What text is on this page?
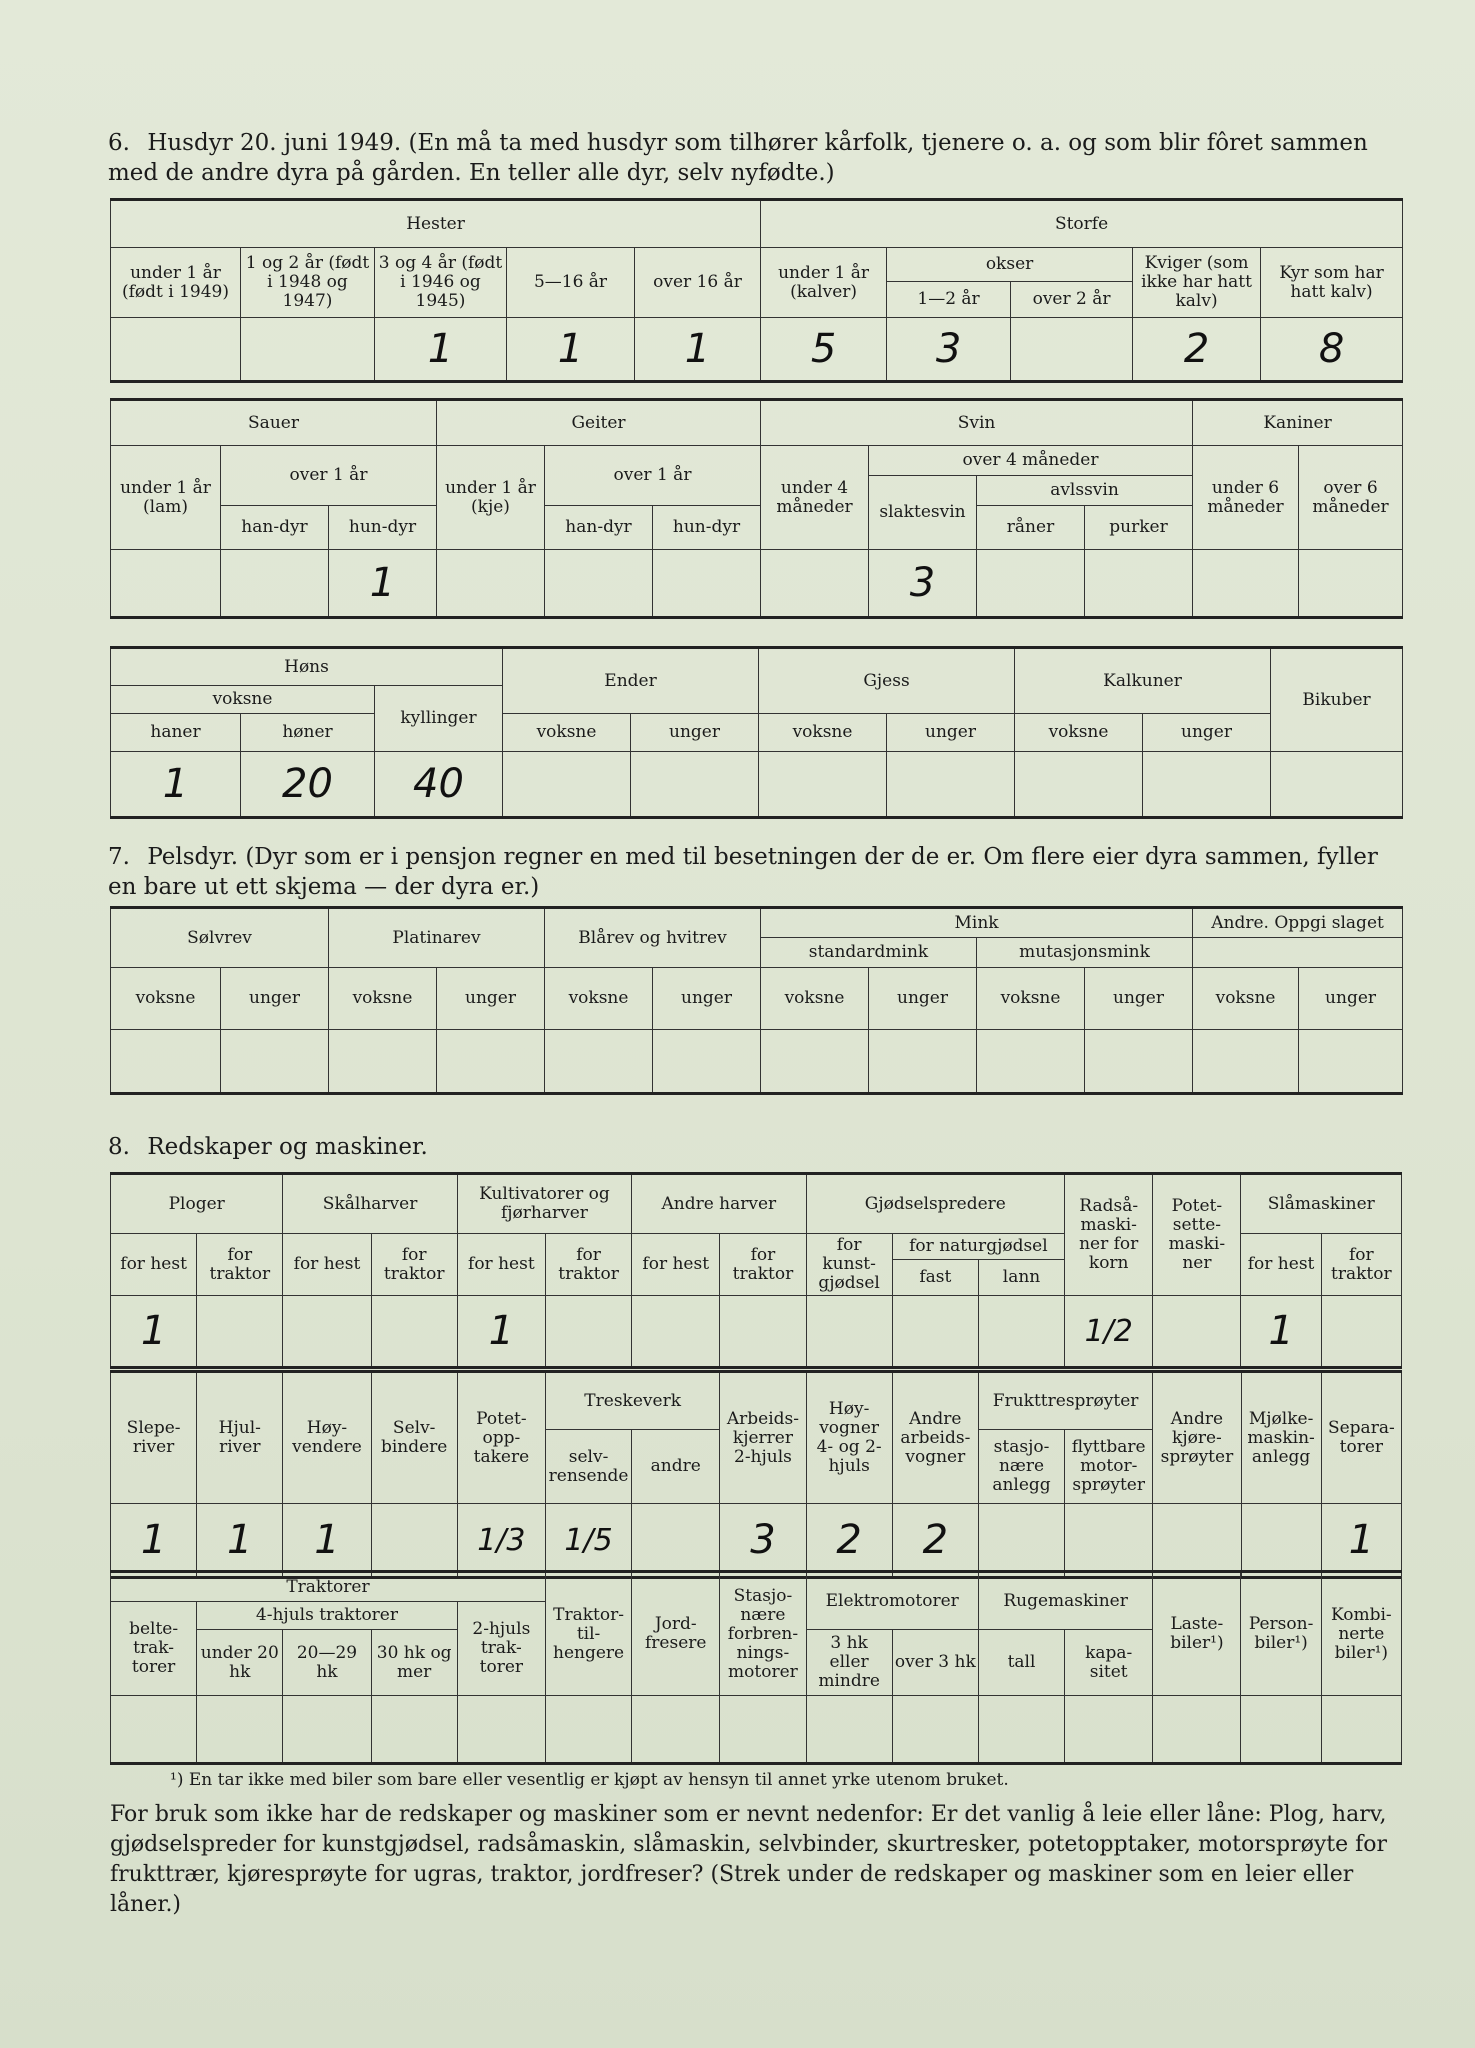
6. Husdyr 20. juni 1949. (En må ta med husdyr som tilhører kårfolk, tjenere o. a. og som blir fôret sammen med de andre dyra på gården. En teller alle dyr, selv nyfødte.)
Hester					Storfe				
under 1 år (født i 1949)	1 og 2 år (født i 1948 og 1947)	3 og 4 år (født i 1946 og 1945)	5—16 år	over 16 år	under 1 år (kalver)	okser		Kviger (som ikke har hatt kalv)	Kyr som har hatt kalv)
						1—2 år	over 2 år		
		1	1	1	5	3		2	8
Sauer			Geiter			Svin				Kaniner	
under 1 år (lam)	over 1 år		under 1 år (kje)	over 1 år		under 4 måneder	over 4 måneder			under 6 måneder	over 6 måneder
							slaktesvin	avlssvin			
	han-dyr	hun-dyr		han-dyr	hun-dyr			råner	purker		
		1					3				
Høns			Ender		Gjess		Kalkuner		Bikuber
voksne		kyllinger							
haner	høner		voksne	unger	voksne	unger	voksne	unger	

1	20	40							
7. Pelsdyr. (Dyr som er i pensjon regner en med til besetningen der de er. Om flere eier dyra sammen, fyller en bare ut ett skjema — der dyra er.)
Sølvrev		Platinarev		Blårev og hvitrev		Mink				Andre. Oppgi slaget	
						standardmink		mutasjonsmink			
voksne	unger	voksne	unger	voksne	unger	voksne	unger	voksne	unger	voksne	unger

8. Redskaper og maskiner.
Ploger		Skålharver		Kultivatorer og fjørharver		Andre harver		Gjødselspredere			Radså-maski-ner for korn	Potet-sette-maski-ner	Slåmaskiner	
for hest	for traktor	for hest	for traktor	for hest	for traktor	for hest	for traktor	for kunst-gjødsel	for naturgjødsel				for hest	for traktor
									fast	lann				
1				1							1/2		1	
Slepe-river	Hjul-river	Høy-vendere	Selv-bindere	Potet-opp-takere	Treskeverk		Arbeids-kjerrer 2-hjuls	Høy-vogner 4- og 2-hjuls	Andre arbeids-vogner	Frukttresprøyter		Andre kjøre-sprøyter	Mjølke-maskin-anlegg	Separa-torer
					selv-rensende	andre				stasjo-nære anlegg	flyttbare motor-sprøyter			
1	1	1		1/3	1/5		3	2	2					1
Traktorer					Traktor-til-hengere	Jord-fresere	Stasjo-nære forbren-nings-motorer	Elektromotorer		Rugemaskiner		Laste-biler¹)	Person-biler¹)	Kombi-nerte biler¹)
belte-trak-torer	4-hjuls traktorer			2-hjuls trak-torer										
	under 20 hk	20—29 hk	30 hk og mer					3 hk eller mindre	over 3 hk	tall	kapa-sitet			

¹) En tar ikke med biler som bare eller vesentlig er kjøpt av hensyn til annet yrke utenom bruket.
For bruk som ikke har de redskaper og maskiner som er nevnt nedenfor: Er det vanlig å leie eller låne: Plog, harv, gjødselspreder for kunstgjødsel, radsåmaskin, slåmaskin, selvbinder, skurtresker, potetopptaker, motorsprøyte for frukttrær, kjøresprøyte for ugras, traktor, jordfreser? (Strek under de redskaper og maskiner som en leier eller låner.)
